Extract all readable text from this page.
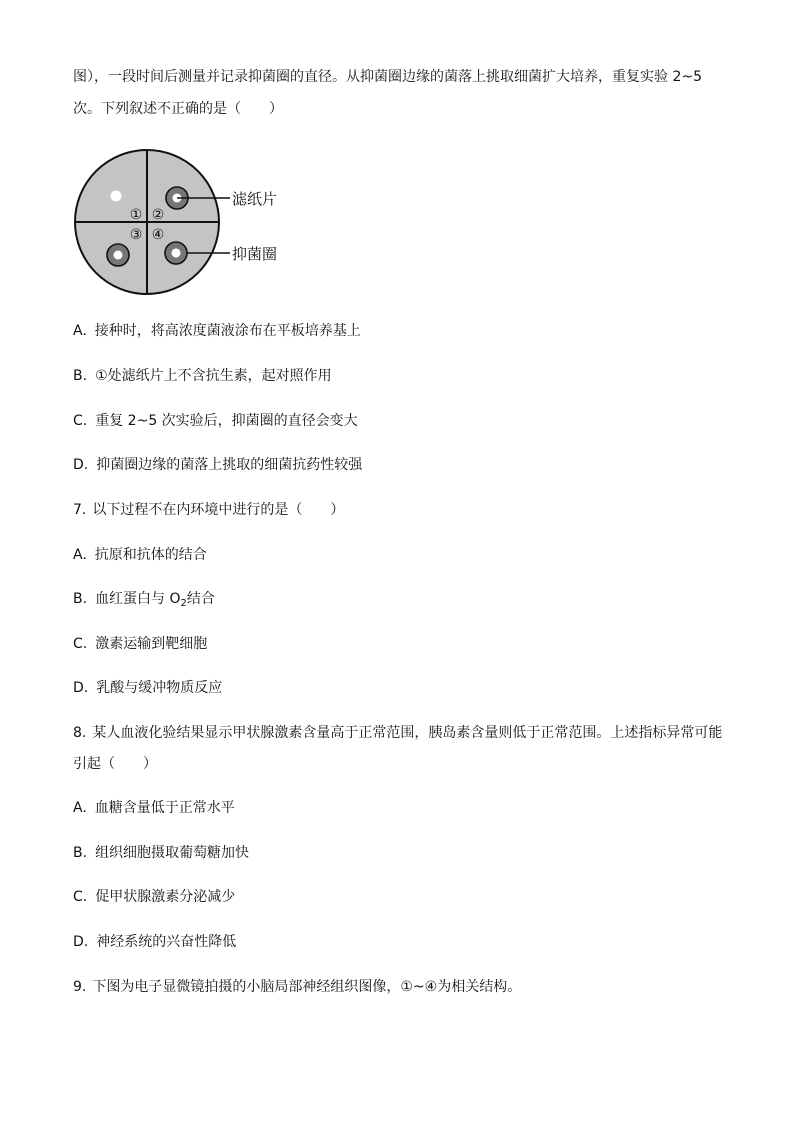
图），一段时间后测量并记录抑菌圈的直径。从抑菌圈边缘的菌落上挑取细菌扩大培养，重复实验 2~5
次。下列叙述不正确的是（　　）
① ②
③ ④
滤纸片
抑菌圈
A. 接种时，将高浓度菌液涂布在平板培养基上
B. ①处滤纸片上不含抗生素，起对照作用
C. 重复 2~5 次实验后，抑菌圈的直径会变大
D. 抑菌圈边缘的菌落上挑取的细菌抗药性较强
7. 以下过程不在内环境中进行的是（　　）
A. 抗原和抗体的结合
B. 血红蛋白与 $O_2$结合
C. 激素运输到靶细胞
D. 乳酸与缓冲物质反应
8. 某人血液化验结果显示甲状腺激素含量高于正常范围，胰岛素含量则低于正常范围。上述指标异常可能
引起（　　）
A. 血糖含量低于正常水平
B. 组织细胞摄取葡萄糖加快
C. 促甲状腺激素分泌减少
D. 神经系统的兴奋性降低
9. 下图为电子显微镜拍摄的小脑局部神经组织图像，①~④为相关结构。
